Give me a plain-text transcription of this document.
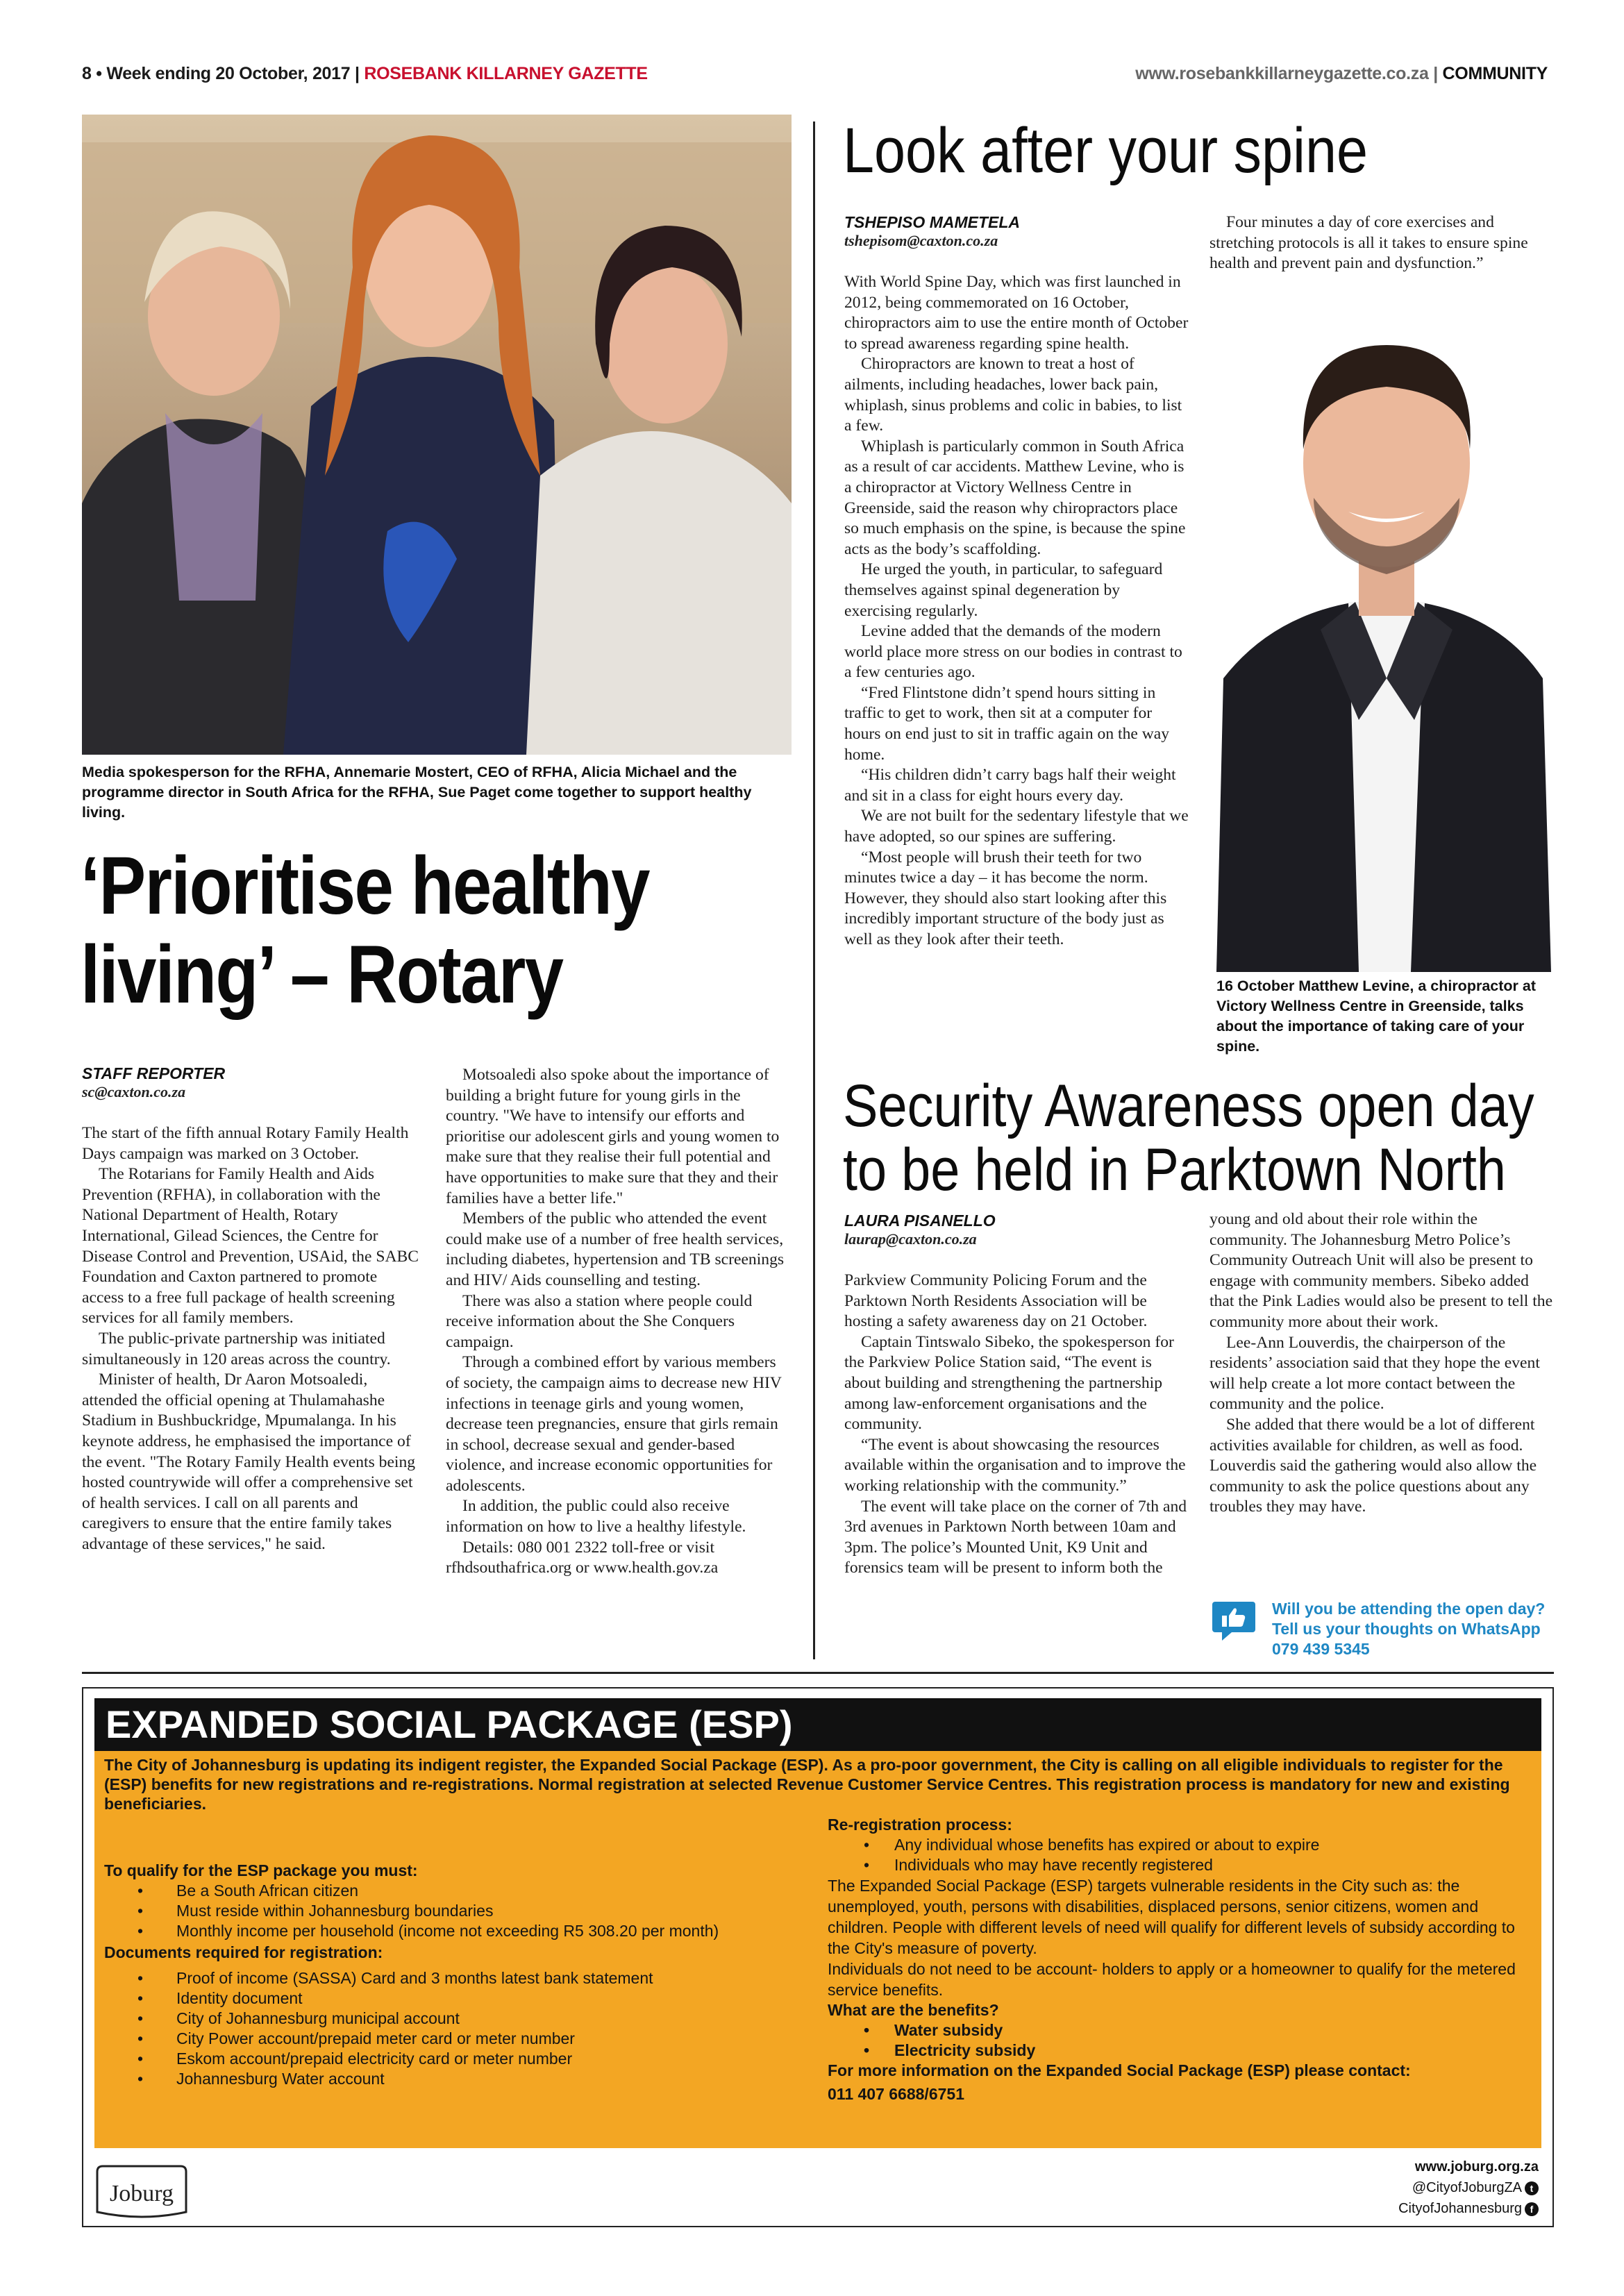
8 • Week ending 20 October, 2017 | ROSEBANK KILLARNEY GAZETTE	www.rosebankkillarneygazette.co.za | COMMUNITY
Media spokesperson for the RFHA, Annemarie Mostert, CEO of RFHA, Alicia Michael and the programme director in South Africa for the RFHA, Sue Paget come together to support healthy living.
‘Prioritise healthy
living’ – Rotary
STAFF REPORTER
sc@caxton.co.za

The start of the fifth annual Rotary Family Health Days campaign was marked on 3 October.

The Rotarians for Family Health and Aids Prevention (RFHA), in collaboration with the National Department of Health, Rotary International, Gilead Sciences, the Centre for Disease Control and Prevention, USAid, the SABC Foundation and Caxton partnered to promote access to a free full package of health screening services for all family members.

The public-private partnership was initiated simultaneously in 120 areas across the country.

Minister of health, Dr Aaron Motsoaledi, attended the official opening at Thulamahashe Stadium in Bushbuckridge, Mpumalanga. In his keynote address, he emphasised the importance of the event. "The Rotary Family Health events being hosted countrywide will offer a comprehensive set of health services. I call on all parents and caregivers to ensure that the entire family takes advantage of these services," he said.

Motsoaledi also spoke about the importance of building a bright future for young girls in the country. "We have to intensify our efforts and prioritise our adolescent girls and young women to make sure that they realise their full potential and have opportunities to make sure that they and their families have a better life."

Members of the public who attended the event could make use of a number of free health services, including diabetes, hypertension and TB screenings and HIV/ Aids counselling and testing.

There was also a station where people could receive information about the She Conquers campaign.

Through a combined effort by various members of society, the campaign aims to decrease new HIV infections in teenage girls and young women, decrease teen pregnancies, ensure that girls remain in school, decrease sexual and gender-based violence, and increase economic opportunities for adolescents.

In addition, the public could also receive information on how to live a healthy lifestyle.

Details: 080 001 2322 toll-free or visit rfhdsouthafrica.org or www.health.gov.za

Look after your spine
TSHEPISO MAMETELA
tshepisom@caxton.co.za

With World Spine Day, which was first launched in 2012, being commemorated on 16 October, chiropractors aim to use the entire month of October to spread awareness regarding spine health.

Chiropractors are known to treat a host of ailments, including headaches, lower back pain, whiplash, sinus problems and colic in babies, to list a few.

Whiplash is particularly common in South Africa as a result of car accidents. Matthew Levine, who is a chiropractor at Victory Wellness Centre in Greenside, said the reason why chiropractors place so much emphasis on the spine, is because the spine acts as the body’s scaffolding.

He urged the youth, in particular, to safeguard themselves against spinal degeneration by exercising regularly.

Levine added that the demands of the modern world place more stress on our bodies in contrast to a few centuries ago.

“Fred Flintstone didn’t spend hours sitting in traffic to get to work, then sit at a computer for hours on end just to sit in traffic again on the way home.

“His children didn’t carry bags half their weight and sit in a class for eight hours every day.

We are not built for the sedentary lifestyle that we have adopted, so our spines are suffering.

“Most people will brush their teeth for two minutes twice a day – it has become the norm. However, they should also start looking after this incredibly important structure of the body just as well as they look after their teeth.

Four minutes a day of core exercises and stretching protocols is all it takes to ensure spine health and prevent pain and dysfunction.”

16 October Matthew Levine, a chiropractor at Victory Wellness Centre in Greenside, talks about the importance of taking care of your spine.
Security Awareness open day
to be held in Parktown North
LAURA PISANELLO
laurap@caxton.co.za

Parkview Community Policing Forum and the Parktown North Residents Association will be hosting a safety awareness day on 21 October.

Captain Tintswalo Sibeko, the spokesperson for the Parkview Police Station said, “The event is about building and strengthening the partnership among law-enforcement organisations and the community.

“The event is about showcasing the resources available within the organisation and to improve the working relationship with the community.”

The event will take place on the corner of 7th and 3rd avenues in Parktown North between 10am and 3pm. The police’s Mounted Unit, K9 Unit and forensics team will be present to inform both the

young and old about their role within the community. The Johannesburg Metro Police’s Community Outreach Unit will also be present to engage with community members. Sibeko added that the Pink Ladies would also be present to tell the community more about their work.

Lee-Ann Louverdis, the chairperson of the residents’ association said that they hope the event will help create a lot more contact between the community and the police.

She added that there would be a lot of different activities available for children, as well as food. Louverdis said the gathering would also allow the community to ask the police questions about any troubles they may have.

Will you be attending the open day? Tell us your thoughts on WhatsApp 079 439 5345
EXPANDED SOCIAL PACKAGE (ESP)
The City of Johannesburg is updating its indigent register, the Expanded Social Package (ESP). As a pro-poor government, the City is calling on all eligible individuals to register for the (ESP) benefits for new registrations and re-registrations. Normal registration at selected Revenue Customer Service Centres. This registration process is mandatory for new and existing beneficiaries.
To qualify for the ESP package you must:
• Be a South African citizen
• Must reside within Johannesburg boundaries
• Monthly income per household (income not exceeding R5 308.20 per month)
Documents required for registration:
• Proof of income (SASSA) Card and 3 months latest bank statement
• Identity document
• City of Johannesburg municipal account
• City Power account/prepaid meter card or meter number
• Eskom account/prepaid electricity card or meter number
• Johannesburg Water account
Re-registration process:
• Any individual whose benefits has expired or about to expire
• Individuals who may have recently registered

The Expanded Social Package (ESP) targets vulnerable residents in the City such as: the unemployed, youth, persons with disabilities, displaced persons, senior citizens, women and children. People with different levels of need will qualify for different levels of subsidy according to the City's measure of poverty.

Individuals do not need to be account- holders to apply or a homeowner to qualify for the metered service benefits.

What are the benefits?
• Water subsidy
• Electricity subsidy
For more information on the Expanded Social Package (ESP) please contact:

011 407 6688/6751

Joburg
www.joburg.org.za
@CityofJoburgZA t
CityofJohannesburg f
